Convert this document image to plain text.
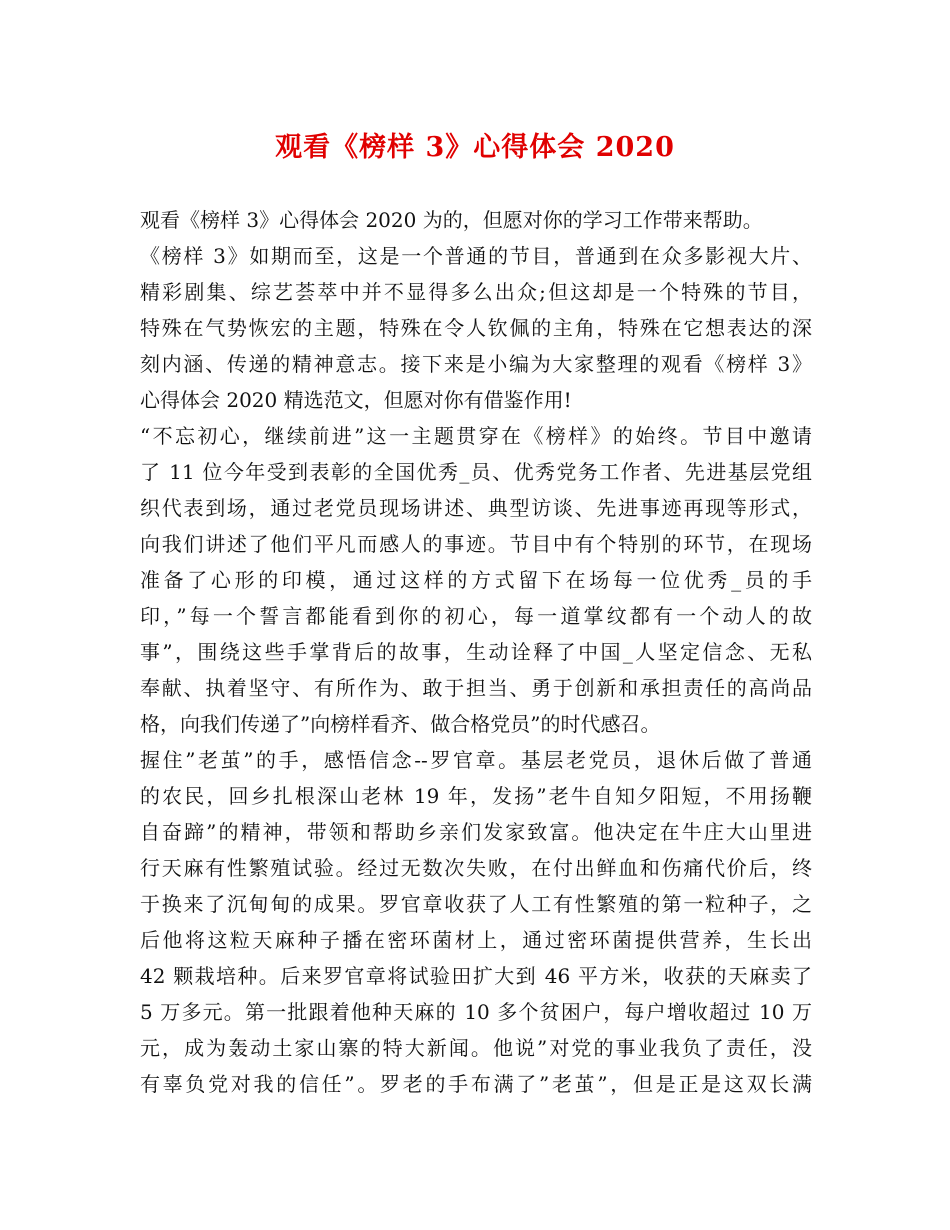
观看《榜样 3》心得体会 2020
观看《榜样 3》心得体会 2020 为的，但愿对你的学习工作带来帮助。
《榜样 3》如期而至，这是一个普通的节目，普通到在众多影视大片、
精彩剧集、综艺荟萃中并不显得多么出众;但这却是一个特殊的节目，
特殊在气势恢宏的主题，特殊在令人钦佩的主角，特殊在它想表达的深
刻内涵、传递的精神意志。接下来是小编为大家整理的观看《榜样 3》
心得体会 2020 精选范文，但愿对你有借鉴作用!
“不忘初心，继续前进”这一主题贯穿在《榜样》的始终。节目中邀请
了 11 位今年受到表彰的全国优秀_员、优秀党务工作者、先进基层党组
织代表到场，通过老党员现场讲述、典型访谈、先进事迹再现等形式，
向我们讲述了他们平凡而感人的事迹。节目中有个特别的环节，在现场
准备了心形的印模，通过这样的方式留下在场每一位优秀_员的手
印，”每一个誓言都能看到你的初心，每一道掌纹都有一个动人的故
事”，围绕这些手掌背后的故事，生动诠释了中国_人坚定信念、无私
奉献、执着坚守、有所作为、敢于担当、勇于创新和承担责任的高尚品
格，向我们传递了”向榜样看齐、做合格党员”的时代感召。
握住”老茧”的手，感悟信念--罗官章。基层老党员，退休后做了普通
的农民，回乡扎根深山老林 19 年，发扬”老牛自知夕阳短，不用扬鞭
自奋蹄”的精神，带领和帮助乡亲们发家致富。他决定在牛庄大山里进
行天麻有性繁殖试验。经过无数次失败，在付出鲜血和伤痛代价后，终
于换来了沉甸甸的成果。罗官章收获了人工有性繁殖的第一粒种子，之
后他将这粒天麻种子播在密环菌材上，通过密环菌提供营养，生长出
42 颗栽培种。后来罗官章将试验田扩大到 46 平方米，收获的天麻卖了
5 万多元。第一批跟着他种天麻的 10 多个贫困户，每户增收超过 10 万
元，成为轰动土家山寨的特大新闻。他说”对党的事业我负了责任，没
有辜负党对我的信任”。罗老的手布满了”老茧”，但是正是这双长满
